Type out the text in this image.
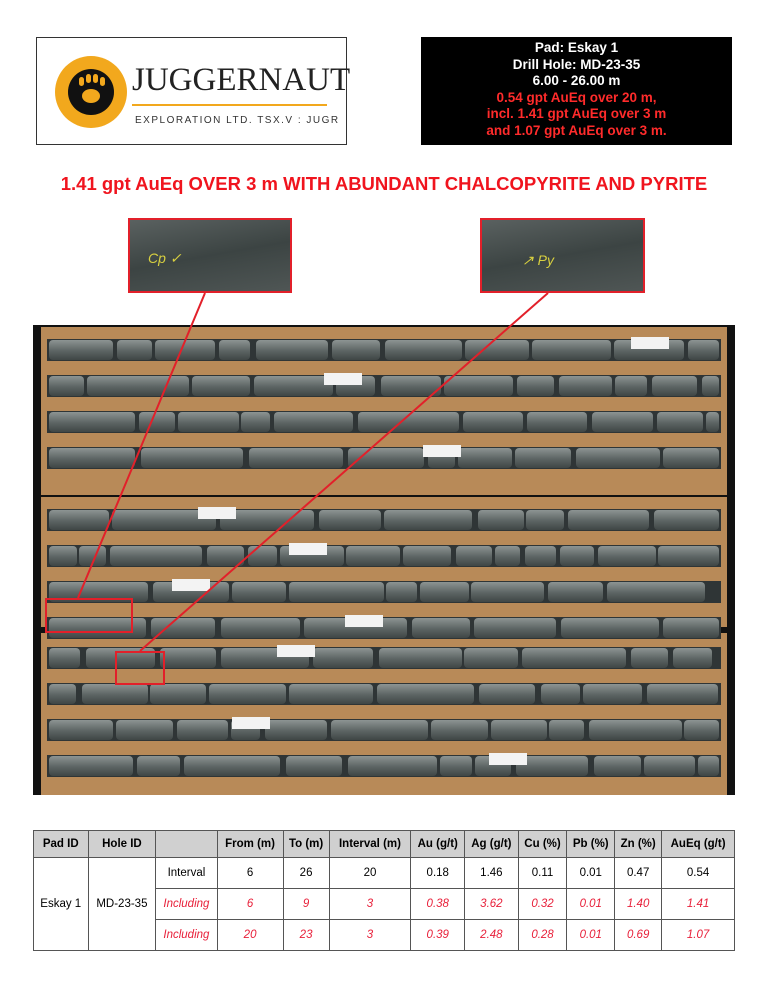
JUGGERNAUT
EXPLORATION LTD. TSX.V : JUGR
Pad: Eskay 1
Drill Hole: MD-23-35
6.00 - 26.00 m
0.54 gpt AuEq over 20 m,
incl. 1.41 gpt AuEq over 3 m
and 1.07 gpt AuEq over 3 m.
1.41 gpt AuEq OVER 3 m WITH ABUNDANT CHALCOPYRITE AND PYRITE
Cp ✓	↗ Py
Pad ID	Hole ID		From (m)	To (m)	Interval (m)	Au (g/t)	Ag (g/t)	Cu (%)	Pb (%)	Zn (%)	AuEq (g/t)
Eskay 1	MD-23-35	Interval	6	26	20	0.18	1.46	0.11	0.01	0.47	0.54
		Including	6	9	3	0.38	3.62	0.32	0.01	1.40	1.41
		Including	20	23	3	0.39	2.48	0.28	0.01	0.69	1.07
